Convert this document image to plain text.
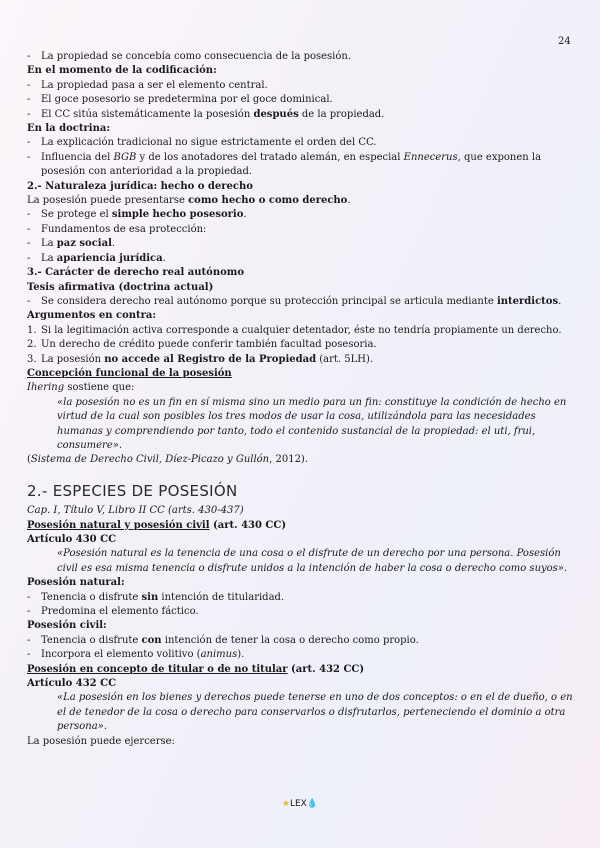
24
- La propiedad se concebía como consecuencia de la posesión.
En el momento de la codificación:
- La propiedad pasa a ser el elemento central.
- El goce posesorio se predetermina por el goce dominical.
- El CC sitúa sistemáticamente la posesión después de la propiedad.
En la doctrina:
- La explicación tradicional no sigue estrictamente el orden del CC.
- Influencia del BGB y de los anotadores del tratado alemán, en especial Ennecerus, que exponen la posesión con anterioridad a la propiedad.
2.- Naturaleza jurídica: hecho o derecho
La posesión puede presentarse como hecho o como derecho.
- Se protege el simple hecho posesorio.
- Fundamentos de esa protección:
- La paz social.
- La apariencia jurídica.
3.- Carácter de derecho real autónomo
Tesis afirmativa (doctrina actual)
- Se considera derecho real autónomo porque su protección principal se articula mediante interdictos.
Argumentos en contra:
1. Si la legitimación activa corresponde a cualquier detentador, éste no tendría propiamente un derecho.
2. Un derecho de crédito puede conferir también facultad posesoria.
3. La posesión no accede al Registro de la Propiedad (art. 5LH).
Concepción funcional de la posesión
Ihering sostiene que:
«la posesión no es un fin en sí misma sino un medio para un fin: constituye la condición de hecho en virtud de la cual son posibles los tres modos de usar la cosa, utilizándola para las necesidades humanas y comprendiendo por tanto, todo el contenido sustancial de la propiedad: el uti, frui, consumere».
(Sistema de Derecho Civil, Díez-Picazo y Gullón, 2012).
2.- ESPECIES DE POSESIÓN
Cap. I, Título V, Libro II CC (arts. 430-437)
Posesión natural y posesión civil (art. 430 CC)
Artículo 430 CC
«Posesión natural es la tenencia de una cosa o el disfrute de un derecho por una persona. Posesión civil es esa misma tenencia o disfrute unidos a la intención de haber la cosa o derecho como suyos».
Posesión natural:
- Tenencia o disfrute sin intención de titularidad.
- Predomina el elemento fáctico.
Posesión civil:
- Tenencia o disfrute con intención de tener la cosa o derecho como propio.
- Incorpora el elemento volitivo (animus).
Posesión en concepto de titular o de no titular (art. 432 CC)
Artículo 432 CC
«La posesión en los bienes y derechos puede tenerse en uno de dos conceptos: o en el de dueño, o en el de tenedor de la cosa o derecho para conservarlos o disfrutarlos, perteneciendo el dominio a otra persona».
La posesión puede ejercerse:
★LEX💧
